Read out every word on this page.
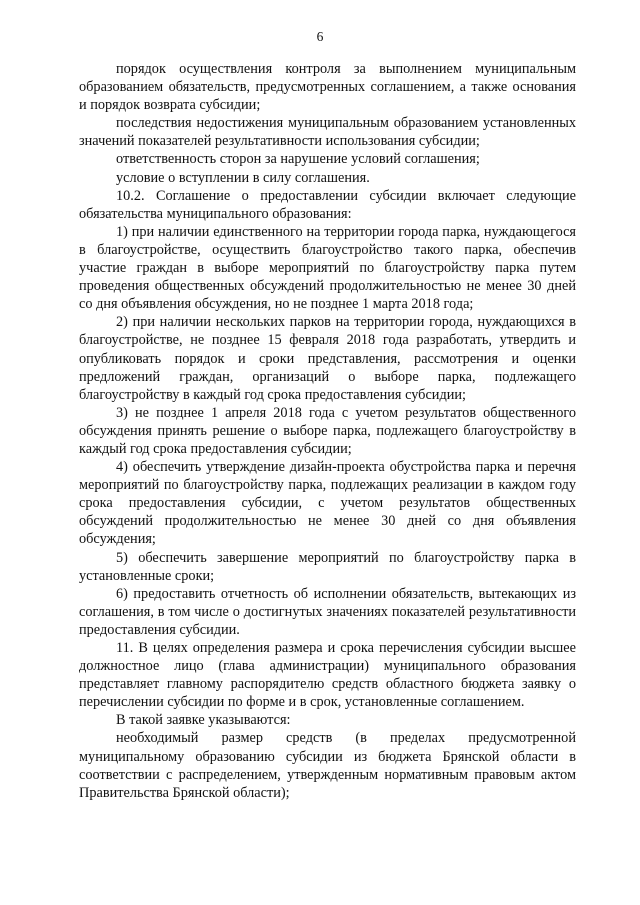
6

порядок осуществления контроля за выполнением муниципальным образованием обязательств, предусмотренных соглашением, а также основания и порядок возврата субсидии;

последствия недостижения муниципальным образованием установленных значений показателей результативности использования субсидии;

ответственность сторон за нарушение условий соглашения;

условие о вступлении в силу соглашения.

10.2. Соглашение о предоставлении субсидии включает следующие обязательства муниципального образования:

1) при наличии единственного на территории города парка, нуждающегося в благоустройстве, осуществить благоустройство такого парка, обеспечив участие граждан в выборе мероприятий по благоустройству парка путем проведения общественных обсуждений продолжительностью не менее 30 дней со дня объявления обсуждения, но не позднее 1 марта 2018 года;

2) при наличии нескольких парков на территории города, нуждающихся в благоустройстве, не позднее 15 февраля 2018 года разработать, утвердить и опубликовать порядок и сроки представления, рассмотрения и оценки предложений граждан, организаций о выборе парка, подлежащего благоустройству в каждый год срока предоставления субсидии;

3) не позднее 1 апреля 2018 года с учетом результатов общественного обсуждения принять решение о выборе парка, подлежащего благоустройству в каждый год срока предоставления субсидии;

4) обеспечить утверждение дизайн-проекта обустройства парка и перечня мероприятий по благоустройству парка, подлежащих реализации в каждом году срока предоставления субсидии, с учетом результатов общественных обсуждений продолжительностью не менее 30 дней со дня объявления обсуждения;

5) обеспечить завершение мероприятий по благоустройству парка в установленные сроки;

6) предоставить отчетность об исполнении обязательств, вытекающих из соглашения, в том числе о достигнутых значениях показателей результативности предоставления субсидии.

11. В целях определения размера и срока перечисления субсидии высшее должностное лицо (глава администрации) муниципального образования представляет главному распорядителю средств областного бюджета заявку о перечислении субсидии по форме и в срок, установленные соглашением.

В такой заявке указываются:

необходимый размер средств (в пределах предусмотренной муниципальному образованию субсидии из бюджета Брянской области в соответствии с распределением, утвержденным нормативным правовым актом Правительства Брянской области);
